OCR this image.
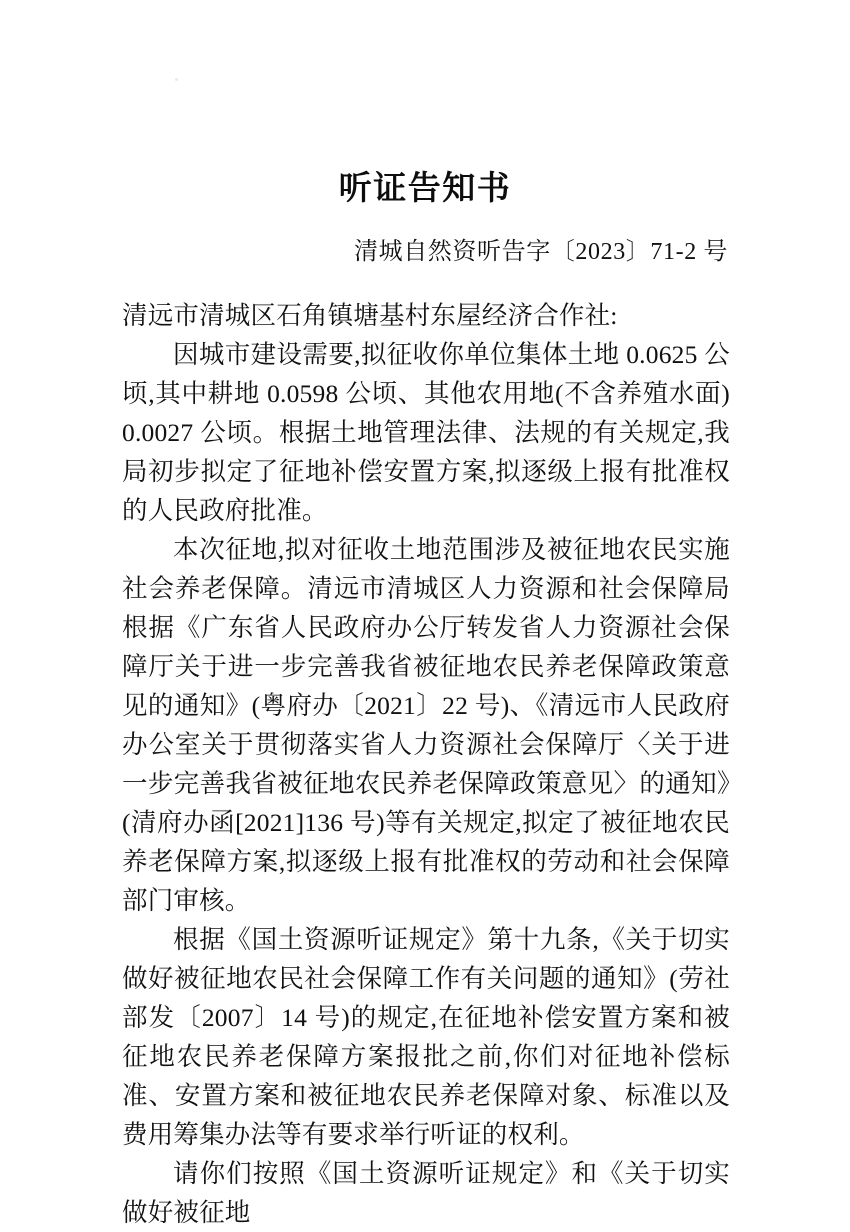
听证告知书
清城自然资听告字〔2023〕71-2 号

清远市清城区石角镇塘基村东屋经济合作社:

因城市建设需要,拟征收你单位集体土地 0.0625 公顷,其中耕地 0.0598 公顷、其他农用地(不含养殖水面)0.0027 公顷。根据土地管理法律、法规的有关规定,我局初步拟定了征地补偿安置方案,拟逐级上报有批准权的人民政府批准。

本次征地,拟对征收土地范围涉及被征地农民实施社会养老保障。清远市清城区人力资源和社会保障局根据《广东省人民政府办公厅转发省人力资源社会保障厅关于进一步完善我省被征地农民养老保障政策意见的通知》(粤府办〔2021〕22 号)、《清远市人民政府办公室关于贯彻落实省人力资源社会保障厅〈关于进一步完善我省被征地农民养老保障政策意见〉的通知》(清府办函[2021]136 号)等有关规定,拟定了被征地农民养老保障方案,拟逐级上报有批准权的劳动和社会保障部门审核。

根据《国土资源听证规定》第十九条,《关于切实做好被征地农民社会保障工作有关问题的通知》(劳社部发〔2007〕14 号)的规定,在征地补偿安置方案和被征地农民养老保障方案报批之前,你们对征地补偿标准、安置方案和被征地农民养老保障对象、标准以及费用筹集办法等有要求举行听证的权利。

请你们按照《国土资源听证规定》和《关于切实做好被征地
